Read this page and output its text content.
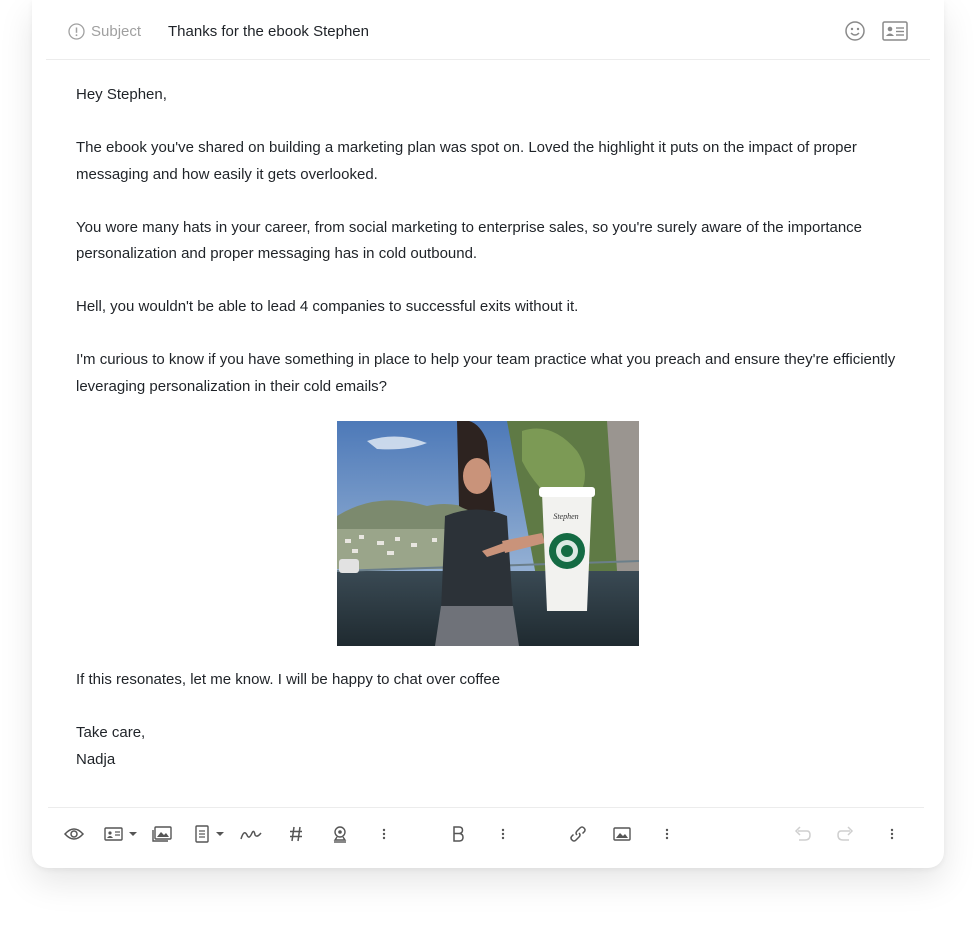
Subject Thanks for the ebook Stephen

Hey Stephen,

The ebook you've shared on building a marketing plan was spot on. Loved the highlight it puts on the impact of proper messaging and how easily it gets overlooked.

You wore many hats in your career, from social marketing to enterprise sales, so you're surely aware of the importance personalization and proper messaging has in cold outbound.

Hell, you wouldn't be able to lead 4 companies to successful exits without it.

I'm curious to know if you have something in place to help your team practice what you preach and ensure they're efficiently leveraging personalization in their cold emails?

Stephen

If this resonates, let me know. I will be happy to chat over coffee

Take care,

Nadja
